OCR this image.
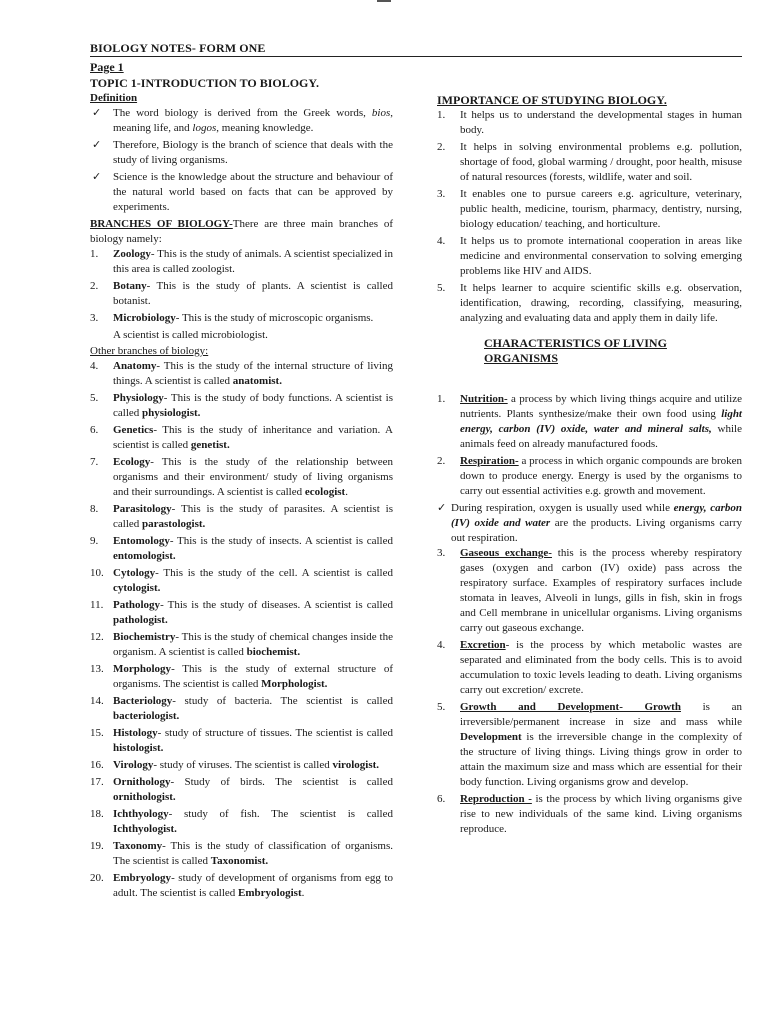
BIOLOGY NOTES- FORM ONE
Page 1
TOPIC 1-INTRODUCTION TO BIOLOGY.
Definition
✓ The word biology is derived from the Greek words, bios, meaning life, and logos, meaning knowledge.
✓ Therefore, Biology is the branch of science that deals with the study of living organisms.
✓ Science is the knowledge about the structure and behaviour of the natural world based on facts that can be approved by experiments.
BRANCHES OF BIOLOGY-There are three main branches of biology namely:
1. Zoology- This is the study of animals. A scientist specialized in this area is called zoologist.
2. Botany- This is the study of plants. A scientist is called botanist.
3. Microbiology- This is the study of microscopic organisms.
A scientist is called microbiologist.
Other branches of biology:
4. Anatomy- This is the study of the internal structure of living things. A scientist is called anatomist.
5. Physiology- This is the study of body functions. A scientist is called physiologist.
6. Genetics- This is the study of inheritance and variation. A scientist is called genetist.
7. Ecology- This is the study of the relationship between organisms and their environment/ study of living organisms and their surroundings. A scientist is called ecologist.
8. Parasitology- This is the study of parasites. A scientist is called parastologist.
9. Entomology- This is the study of insects. A scientist is called entomologist.
10. Cytology- This is the study of the cell. A scientist is called cytologist.
11. Pathology- This is the study of diseases. A scientist is called pathologist.
12. Biochemistry- This is the study of chemical changes inside the organism. A scientist is called biochemist.
13. Morphology- This is the study of external structure of organisms. The scientist is called Morphologist.
14. Bacteriology- study of bacteria. The scientist is called bacteriologist.
15. Histology- study of structure of tissues. The scientist is called histologist.
16. Virology- study of viruses. The scientist is called virologist.
17. Ornithology- Study of birds. The scientist is called ornithologist.
18. Ichthyology- study of fish. The scientist is called Ichthyologist.
19. Taxonomy- This is the study of classification of organisms. The scientist is called Taxonomist.
20. Embryology- study of development of organisms from egg to adult. The scientist is called Embryologist.
IMPORTANCE OF STUDYING BIOLOGY.
1. It helps us to understand the developmental stages in human body.
2. It helps in solving environmental problems e.g. pollution, shortage of food, global warming / drought, poor health, misuse of natural resources (forests, wildlife, water and soil.
3. It enables one to pursue careers e.g. agriculture, veterinary, public health, medicine, tourism, pharmacy, dentistry, nursing, biology education/ teaching, and horticulture.
4. It helps us to promote international cooperation in areas like medicine and environmental conservation to solving emerging problems like HIV and AIDS.
5. It helps learner to acquire scientific skills e.g. observation, identification, drawing, recording, classifying, measuring, analyzing and evaluating data and apply them in daily life.
CHARACTERISTICS OF LIVING
ORGANISMS
1. Nutrition- a process by which living things acquire and utilize nutrients. Plants synthesize/make their own food using light energy, carbon (IV) oxide, water and mineral salts, while animals feed on already manufactured foods.
2. Respiration- a process in which organic compounds are broken down to produce energy. Energy is used by the organisms to carry out essential activities e.g. growth and movement.
✓ During respiration, oxygen is usually used while energy, carbon (IV) oxide and water are the products. Living organisms carry out respiration.
3. Gaseous exchange- this is the process whereby respiratory gases (oxygen and carbon (IV) oxide) pass across the respiratory surface. Examples of respiratory surfaces include stomata in leaves, Alveoli in lungs, gills in fish, skin in frogs and Cell membrane in unicellular organisms. Living organisms carry out gaseous exchange.
4. Excretion- is the process by which metabolic wastes are separated and eliminated from the body cells. This is to avoid accumulation to toxic levels leading to death. Living organisms carry out excretion/ excrete.
5. Growth and Development- Growth is an irreversible/permanent increase in size and mass while Development is the irreversible change in the complexity of the structure of living things. Living things grow in order to attain the maximum size and mass which are essential for their body function. Living organisms grow and develop.
6. Reproduction - is the process by which living organisms give rise to new individuals of the same kind. Living organisms reproduce.
